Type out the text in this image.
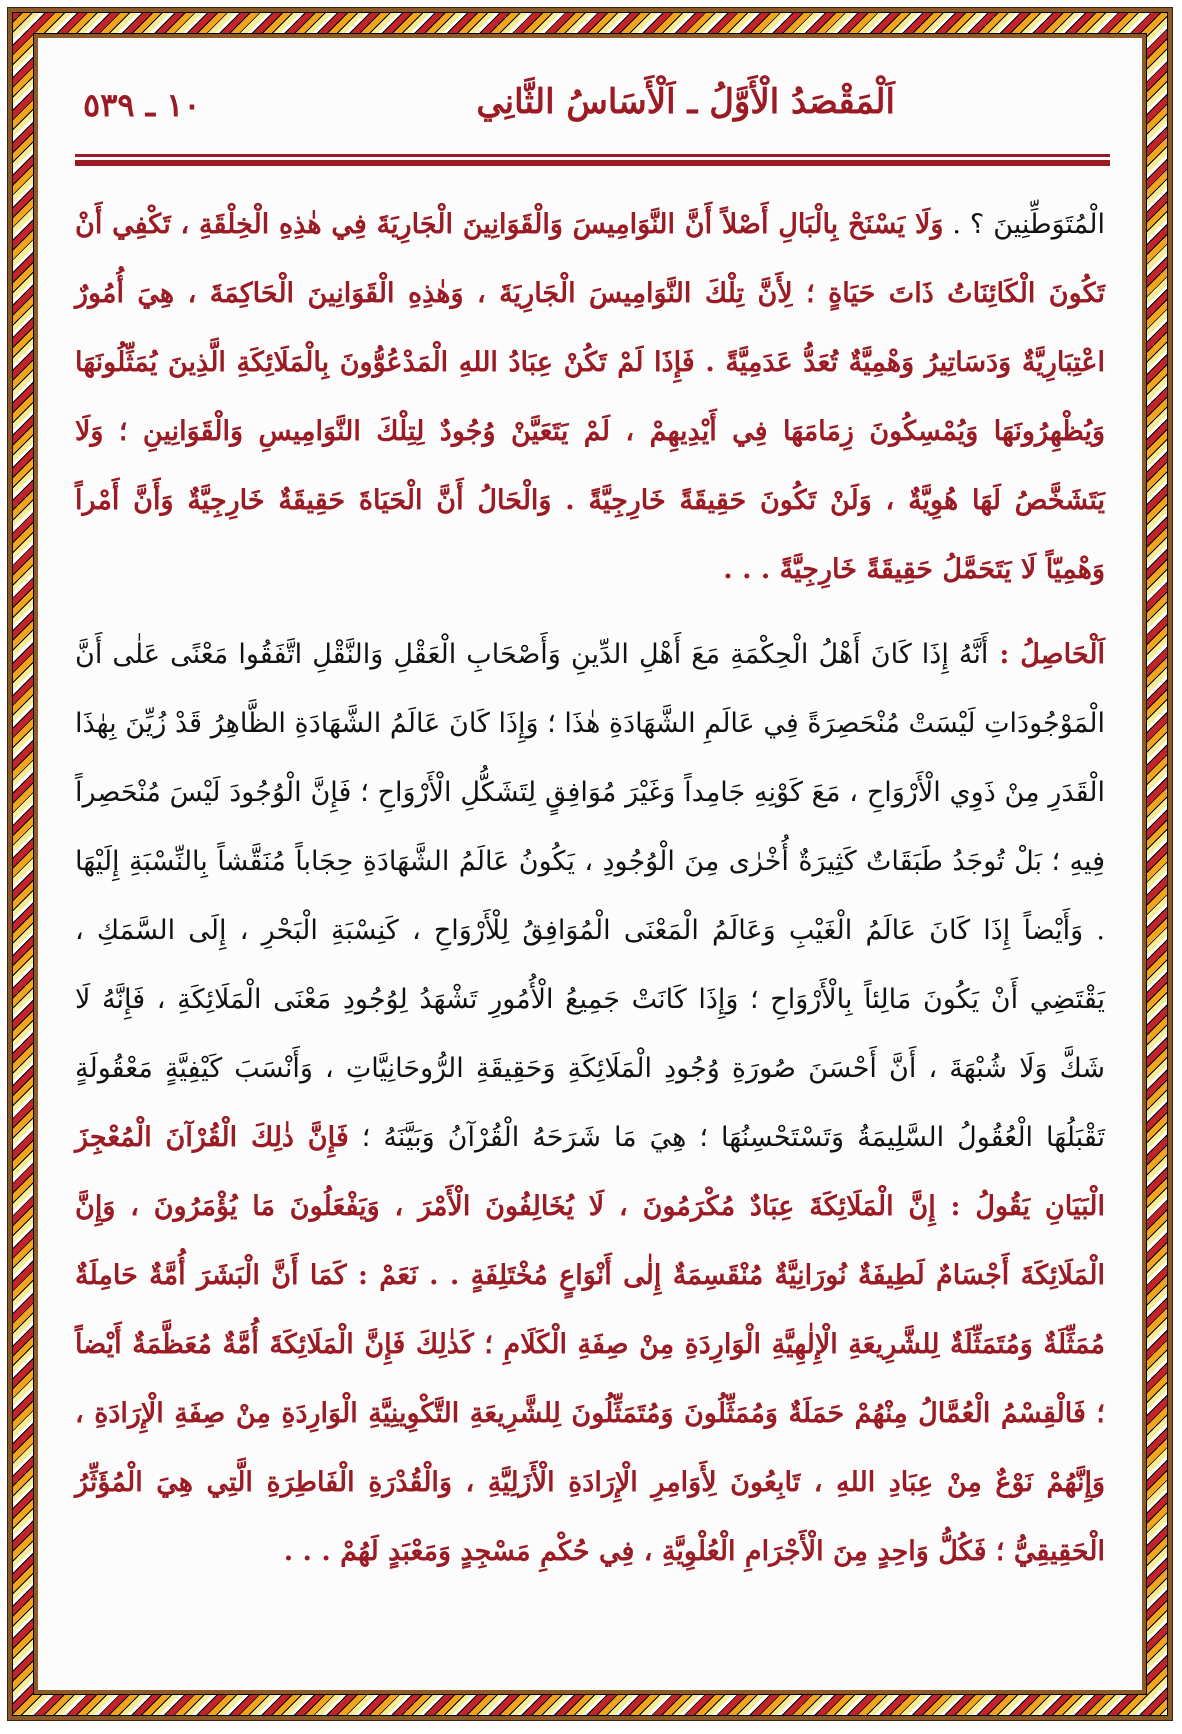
اَلْمَقْصَدُ الْأَوَّلُ ـ اَلْأَسَاسُ الثَّانِي
١٠ ـ ٥٣٩

الْمُتَوَطِّنِينَ ؟ . وَلَا يَسْنَحْ بِالْبَالِ أَصْلاً أَنَّ النَّوَامِيسَ وَالْقَوَانِينَ الْجَارِيَةَ فِي هٰذِهِ الْخِلْقَةِ ، تَكْفِي أَنْ تَكُونَ الْكَائِنَاتُ ذَاتَ حَيَاةٍ ؛ لِأَنَّ تِلْكَ النَّوَامِيسَ الْجَارِيَةَ ، وَهٰذِهِ الْقَوَانِينَ الْحَاكِمَةَ ، هِيَ أُمُورٌ اعْتِبَارِيَّةٌ وَدَسَاتِيرُ وَهْمِيَّةٌ تُعَدُّ عَدَمِيَّةً . فَإِذَا لَمْ تَكُنْ عِبَادُ اللهِ الْمَدْعُوُّونَ بِالْمَلَائِكَةِ الَّذِينَ يُمَثِّلُونَهَا وَيُظْهِرُونَهَا وَيُمْسِكُونَ زِمَامَهَا فِي أَيْدِيهِمْ ، لَمْ يَتَعَيَّنْ وُجُودٌ لِتِلْكَ النَّوَامِيسِ وَالْقَوَانِينِ ؛ وَلَا يَتَشَخَّصُ لَهَا هُوِيَّةٌ ، وَلَنْ تَكُونَ حَقِيقَةً خَارِجِيَّةً . وَالْحَالُ أَنَّ الْحَيَاةَ حَقِيقَةٌ خَارِجِيَّةٌ وَأَنَّ أَمْراً وَهْمِيّاً لَا يَتَحَمَّلُ حَقِيقَةً خَارِجِيَّةً . . .

اَلْحَاصِلُ : أَنَّهُ إِذَا كَانَ أَهْلُ الْحِكْمَةِ مَعَ أَهْلِ الدِّينِ وَأَصْحَابِ الْعَقْلِ وَالنَّقْلِ اتَّفَقُوا مَعْنًى عَلٰى أَنَّ الْمَوْجُودَاتِ لَيْسَتْ مُنْحَصِرَةً فِي عَالَمِ الشَّهَادَةِ هٰذَا ؛ وَإِذَا كَانَ عَالَمُ الشَّهَادَةِ الظَّاهِرُ قَدْ زُيِّنَ بِهٰذَا الْقَدَرِ مِنْ ذَوِي الْأَرْوَاحِ ، مَعَ كَوْنِهِ جَامِداً وَغَيْرَ مُوَافِقٍ لِتَشَكُّلِ الْأَرْوَاحِ ؛ فَإِنَّ الْوُجُودَ لَيْسَ مُنْحَصِراً فِيهِ ؛ بَلْ تُوجَدُ طَبَقَاتٌ كَثِيرَةٌ أُخْرٰى مِنَ الْوُجُودِ ، يَكُونُ عَالَمُ الشَّهَادَةِ حِجَاباً مُنَقَّشاً بِالنِّسْبَةِ إِلَيْهَا . وَأَيْضاً إِذَا كَانَ عَالَمُ الْغَيْبِ وَعَالَمُ الْمَعْنَى الْمُوَافِقُ لِلْأَرْوَاحِ ، كَنِسْبَةِ الْبَحْرِ ، إِلَى السَّمَكِ ، يَقْتَضِي أَنْ يَكُونَ مَالِئاً بِالْأَرْوَاحِ ؛ وَإِذَا كَانَتْ جَمِيعُ الْأُمُورِ تَشْهَدُ لِوُجُودِ مَعْنَى الْمَلَائِكَةِ ، فَإِنَّهُ لَا شَكَّ وَلَا شُبْهَةَ ، أَنَّ أَحْسَنَ صُورَةِ وُجُودِ الْمَلَائِكَةِ وَحَقِيقَةِ الرُّوحَانِيَّاتِ ، وَأَنْسَبَ كَيْفِيَّةٍ مَعْقُولَةٍ تَقْبَلُهَا الْعُقُولُ السَّلِيمَةُ وَتَسْتَحْسِنُهَا ؛ هِيَ مَا شَرَحَهُ الْقُرْآنُ وَبَيَّنَهُ ؛ فَإِنَّ ذٰلِكَ الْقُرْآنَ الْمُعْجِزَ الْبَيَانِ يَقُولُ : إِنَّ الْمَلَائِكَةَ عِبَادٌ مُكْرَمُونَ ، لَا يُخَالِفُونَ الْأَمْرَ ، وَيَفْعَلُونَ مَا يُؤْمَرُونَ ، وَإِنَّ الْمَلَائِكَةَ أَجْسَامٌ لَطِيفَةٌ نُورَانِيَّةٌ مُنْقَسِمَةٌ إِلٰى أَنْوَاعٍ مُخْتَلِفَةٍ . . نَعَمْ : كَمَا أَنَّ الْبَشَرَ أُمَّةٌ حَامِلَةٌ مُمَثِّلَةٌ وَمُتَمَثِّلَةٌ لِلشَّرِيعَةِ الْإِلٰهِيَّةِ الْوَارِدَةِ مِنْ صِفَةِ الْكَلَامِ ؛ كَذٰلِكَ فَإِنَّ الْمَلَائِكَةَ أُمَّةٌ مُعَظَّمَةٌ أَيْضاً ؛ فَالْقِسْمُ الْعُمَّالُ مِنْهُمْ حَمَلَةٌ وَمُمَثِّلُونَ وَمُتَمَثِّلُونَ لِلشَّرِيعَةِ التَّكْوِينِيَّةِ الْوَارِدَةِ مِنْ صِفَةِ الْإِرَادَةِ ، وَإِنَّهُمْ نَوْعٌ مِنْ عِبَادِ اللهِ ، تَابِعُونَ لِأَوَامِرِ الْإِرَادَةِ الْأَزَلِيَّةِ ، وَالْقُدْرَةِ الْفَاطِرَةِ الَّتِي هِيَ الْمُؤَثِّرُ الْحَقِيقِيُّ ؛ فَكُلُّ وَاحِدٍ مِنَ الْأَجْرَامِ الْعُلْوِيَّةِ ، فِي حُكْمِ مَسْجِدٍ وَمَعْبَدٍ لَهُمْ . . .
